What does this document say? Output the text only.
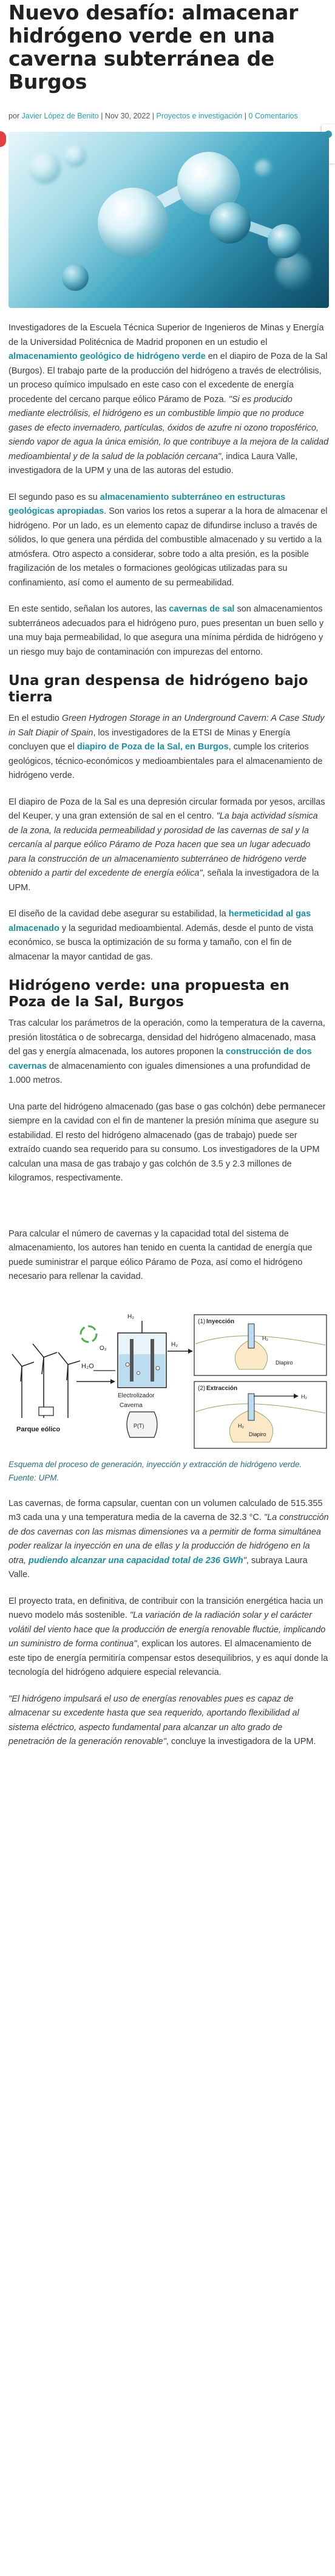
Nuevo desafío: almacenar hidrógeno verde en una caverna subterránea de Burgos
por Javier López de Benito | Nov 30, 2022 | Proyectos e investigación | 0 Comentarios

Investigadores de la Escuela Técnica Superior de Ingenieros de Minas y Energía de la Universidad Politécnica de Madrid proponen en un estudio el almacenamiento geológico de hidrógeno verde en el diapiro de Poza de la Sal (Burgos). El trabajo parte de la producción del hidrógeno a través de electrólisis, un proceso químico impulsado en este caso con el excedente de energía procedente del cercano parque eólico Páramo de Poza. "Si es producido mediante electrólisis, el hidrógeno es un combustible limpio que no produce gases de efecto invernadero, partículas, óxidos de azufre ni ozono troposférico, siendo vapor de agua la única emisión, lo que contribuye a la mejora de la calidad medioambiental y de la salud de la población cercana", indica Laura Valle, investigadora de la UPM y una de las autoras del estudio.

El segundo paso es su almacenamiento subterráneo en estructuras geológicas apropiadas. Son varios los retos a superar a la hora de almacenar el hidrógeno. Por un lado, es un elemento capaz de difundirse incluso a través de sólidos, lo que genera una pérdida del combustible almacenado y su vertido a la atmósfera. Otro aspecto a considerar, sobre todo a alta presión, es la posible fragilización de los metales o formaciones geológicas utilizadas para su confinamiento, así como el aumento de su permeabilidad.

En este sentido, señalan los autores, las cavernas de sal son almacenamientos subterráneos adecuados para el hidrógeno puro, pues presentan un buen sello y una muy baja permeabilidad, lo que asegura una mínima pérdida de hidrógeno y un riesgo muy bajo de contaminación con impurezas del entorno.

Una gran despensa de hidrógeno bajo tierra

En el estudio Green Hydrogen Storage in an Underground Cavern: A Case Study in Salt Diapir of Spain, los investigadores de la ETSI de Minas y Energía concluyen que el diapiro de Poza de la Sal, en Burgos, cumple los criterios geológicos, técnico-económicos y medioambientales para el almacenamiento de hidrógeno verde.

El diapiro de Poza de la Sal es una depresión circular formada por yesos, arcillas del Keuper, y una gran extensión de sal en el centro. "La baja actividad sísmica de la zona, la reducida permeabilidad y porosidad de las cavernas de sal y la cercanía al parque eólico Páramo de Poza hacen que sea un lugar adecuado para la construcción de un almacenamiento subterráneo de hidrógeno verde obtenido a partir del excedente de energía eólica", señala la investigadora de la UPM.

El diseño de la cavidad debe asegurar su estabilidad, la hermeticidad al gas almacenado y la seguridad medioambiental. Además, desde el punto de vista económico, se busca la optimización de su forma y tamaño, con el fin de almacenar la mayor cantidad de gas.

Hidrógeno verde: una propuesta en Poza de la Sal, Burgos

Tras calcular los parámetros de la operación, como la temperatura de la caverna, presión litostática o de sobrecarga, densidad del hidrógeno almacenado, masa del gas y energía almacenada, los autores proponen la construcción de dos cavernas de almacenamiento con iguales dimensiones a una profundidad de 1.000 metros.

Una parte del hidrógeno almacenado (gas base o gas colchón) debe permanecer siempre en la cavidad con el fin de mantener la presión mínima que asegure su estabilidad. El resto del hidrógeno almacenado (gas de trabajo) puede ser extraído cuando sea requerido para su consumo. Los investigadores de la UPM calculan una masa de gas trabajo y gas colchón de 3.5 y 2.3 millones de kilogramos, respectivamente.

Para calcular el número de cavernas y la capacidad total del sistema de almacenamiento, los autores han tenido en cuenta la cantidad de energía que puede suministrar el parque eólico Páramo de Poza, así como el hidrógeno necesario para rellenar la cavidad.

Parque eólico
H₂O
O₂
H₂
Electrolizador
H₂
Caverna
P(T)
(1) Inyección
H₂
Diapiro
(2) Extracción
H₂
Diapiro
H₂
Esquema del proceso de generación, inyección y extracción de hidrógeno verde. Fuente: UPM.

Las cavernas, de forma capsular, cuentan con un volumen calculado de 515.355 m3 cada una y una temperatura media de la caverna de 32.3 °C. "La construcción de dos cavernas con las mismas dimensiones va a permitir de forma simultánea poder realizar la inyección en una de ellas y la producción de hidrógeno en la otra, pudiendo alcanzar una capacidad total de 236 GWh", subraya Laura Valle.

El proyecto trata, en definitiva, de contribuir con la transición energética hacia un nuevo modelo más sostenible. "La variación de la radiación solar y el carácter volátil del viento hace que la producción de energía renovable fluctúe, implicando un suministro de forma continua", explican los autores. El almacenamiento de este tipo de energía permitiría compensar estos desequilibrios, y es aquí donde la tecnología del hidrógeno adquiere especial relevancia.

"El hidrógeno impulsará el uso de energías renovables pues es capaz de almacenar su excedente hasta que sea requerido, aportando flexibilidad al sistema eléctrico, aspecto fundamental para alcanzar un alto grado de penetración de la generación renovable", concluye la investigadora de la UPM.
